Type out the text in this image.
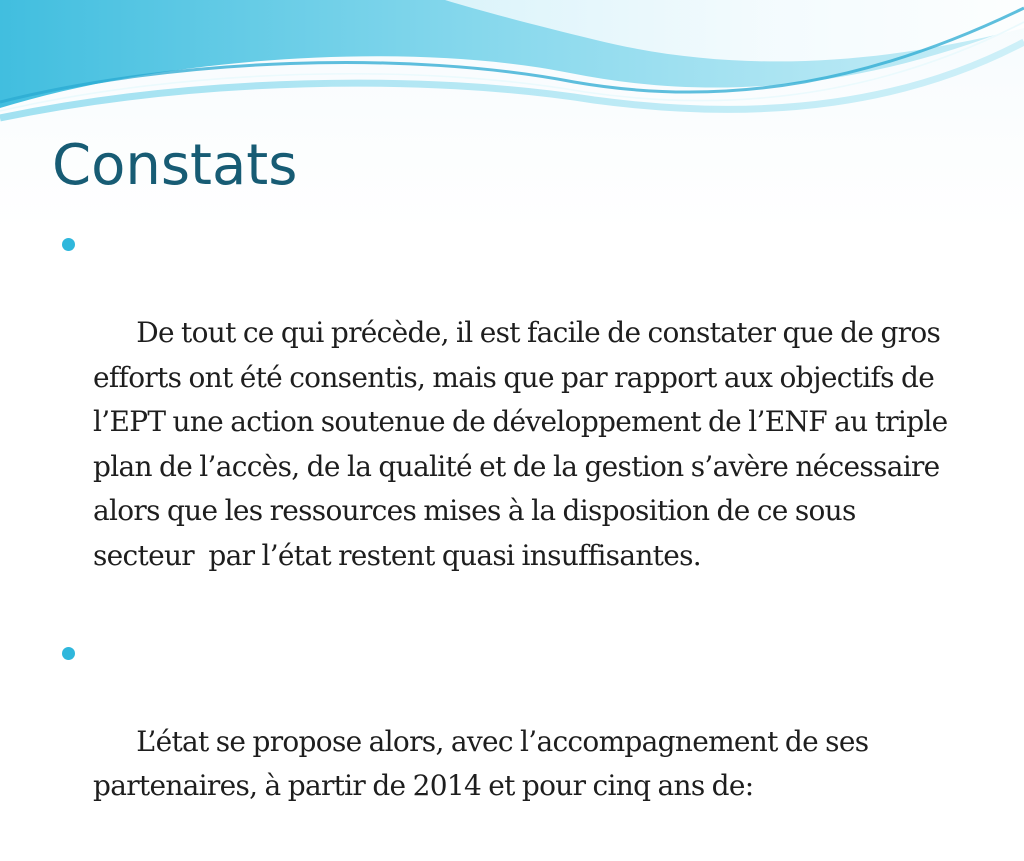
Constats

De tout ce qui précède, il est facile de constater que de gros efforts ont été consentis, mais que par rapport aux objectifs de l’EPT une action soutenue de développement de l’ENF au triple plan de l’accès, de la qualité et de la gestion s’avère nécessaire alors que les ressources mises à la disposition de ce sous secteur  par l’état restent quasi insuffisantes.

L’état se propose alors, avec l’accompagnement de ses partenaires, à partir de 2014 et pour cinq ans de:
